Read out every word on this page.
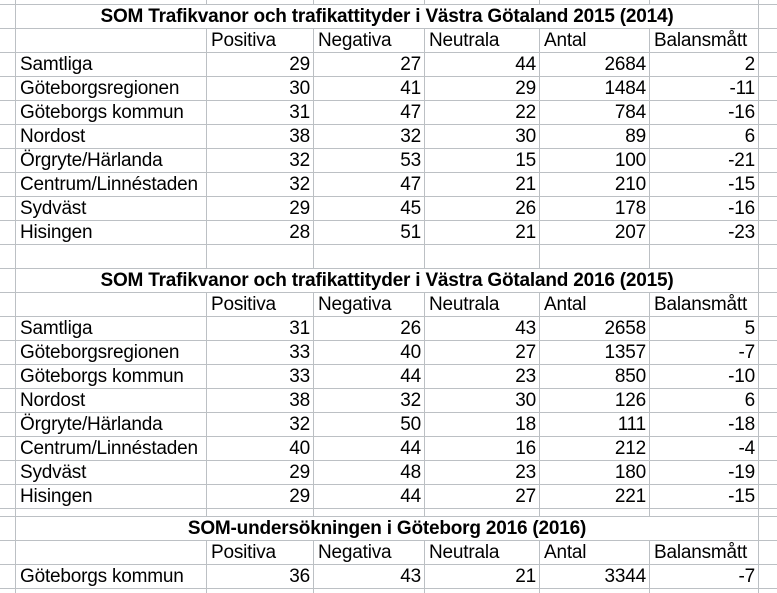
SOM Trafikvanor och trafikattityder i Västra Götaland 2015 (2014)
Positiva	Negativa	Neutrala	Antal	Balansmått
Samtliga	29	27	44	2684	2
Göteborgsregionen	30	41	29	1484	-11
Göteborgs kommun	31	47	22	784	-16
Nordost	38	32	30	89	6
Örgryte/Härlanda	32	53	15	100	-21
Centrum/Linnéstaden	32	47	21	210	-15
Sydväst	29	45	26	178	-16
Hisingen	28	51	21	207	-23
SOM Trafikvanor och trafikattityder i Västra Götaland 2016 (2015)
Positiva	Negativa	Neutrala	Antal	Balansmått
Samtliga	31	26	43	2658	5
Göteborgsregionen	33	40	27	1357	-7
Göteborgs kommun	33	44	23	850	-10
Nordost	38	32	30	126	6
Örgryte/Härlanda	32	50	18	111	-18
Centrum/Linnéstaden	40	44	16	212	-4
Sydväst	29	48	23	180	-19
Hisingen	29	44	27	221	-15
SOM-undersökningen i Göteborg 2016 (2016)
Positiva	Negativa	Neutrala	Antal	Balansmått
Göteborgs kommun	36	43	21	3344	-7
